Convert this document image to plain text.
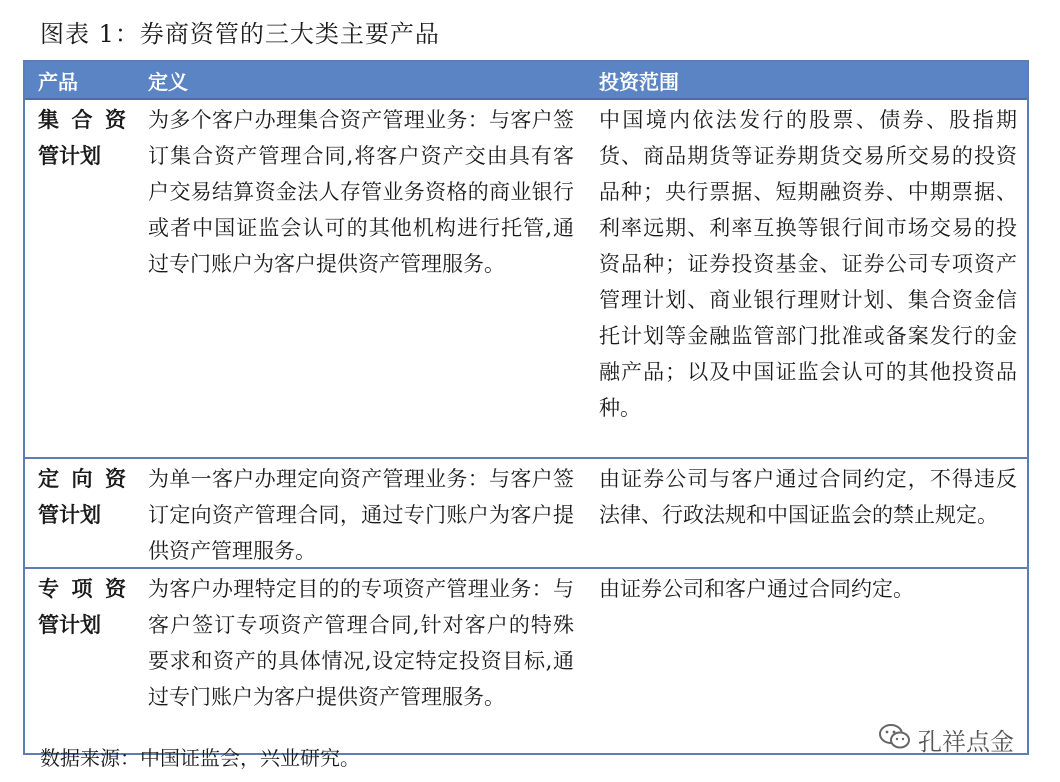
图表 1：券商资管的三大类主要产品
产品	定义	投资范围
集合资
管计划
为多个客户办理集合资产管理业务：与客户签订集合资产管理合同,将客户资产交由具有客户交易结算资金法人存管业务资格的商业银行或者中国证监会认可的其他机构进行托管,通过专门账户为客户提供资产管理服务。
中国境内依法发行的股票、债券、股指期货、商品期货等证券期货交易所交易的投资品种；央行票据、短期融资券、中期票据、利率远期、利率互换等银行间市场交易的投资品种；证券投资基金、证券公司专项资产管理计划、商业银行理财计划、集合资金信托计划等金融监管部门批准或备案发行的金融产品；以及中国证监会认可的其他投资品种。
定向资
管计划
为单一客户办理定向资产管理业务：与客户签订定向资产管理合同，通过专门账户为客户提供资产管理服务。
由证券公司与客户通过合同约定，不得违反法律、行政法规和中国证监会的禁止规定。
专项资
管计划
为客户办理特定目的的专项资产管理业务：与客户签订专项资产管理合同,针对客户的特殊要求和资产的具体情况,设定特定投资目标,通过专门账户为客户提供资产管理服务。
由证券公司和客户通过合同约定。
数据来源：中国证监会，兴业研究。
孔祥点金
